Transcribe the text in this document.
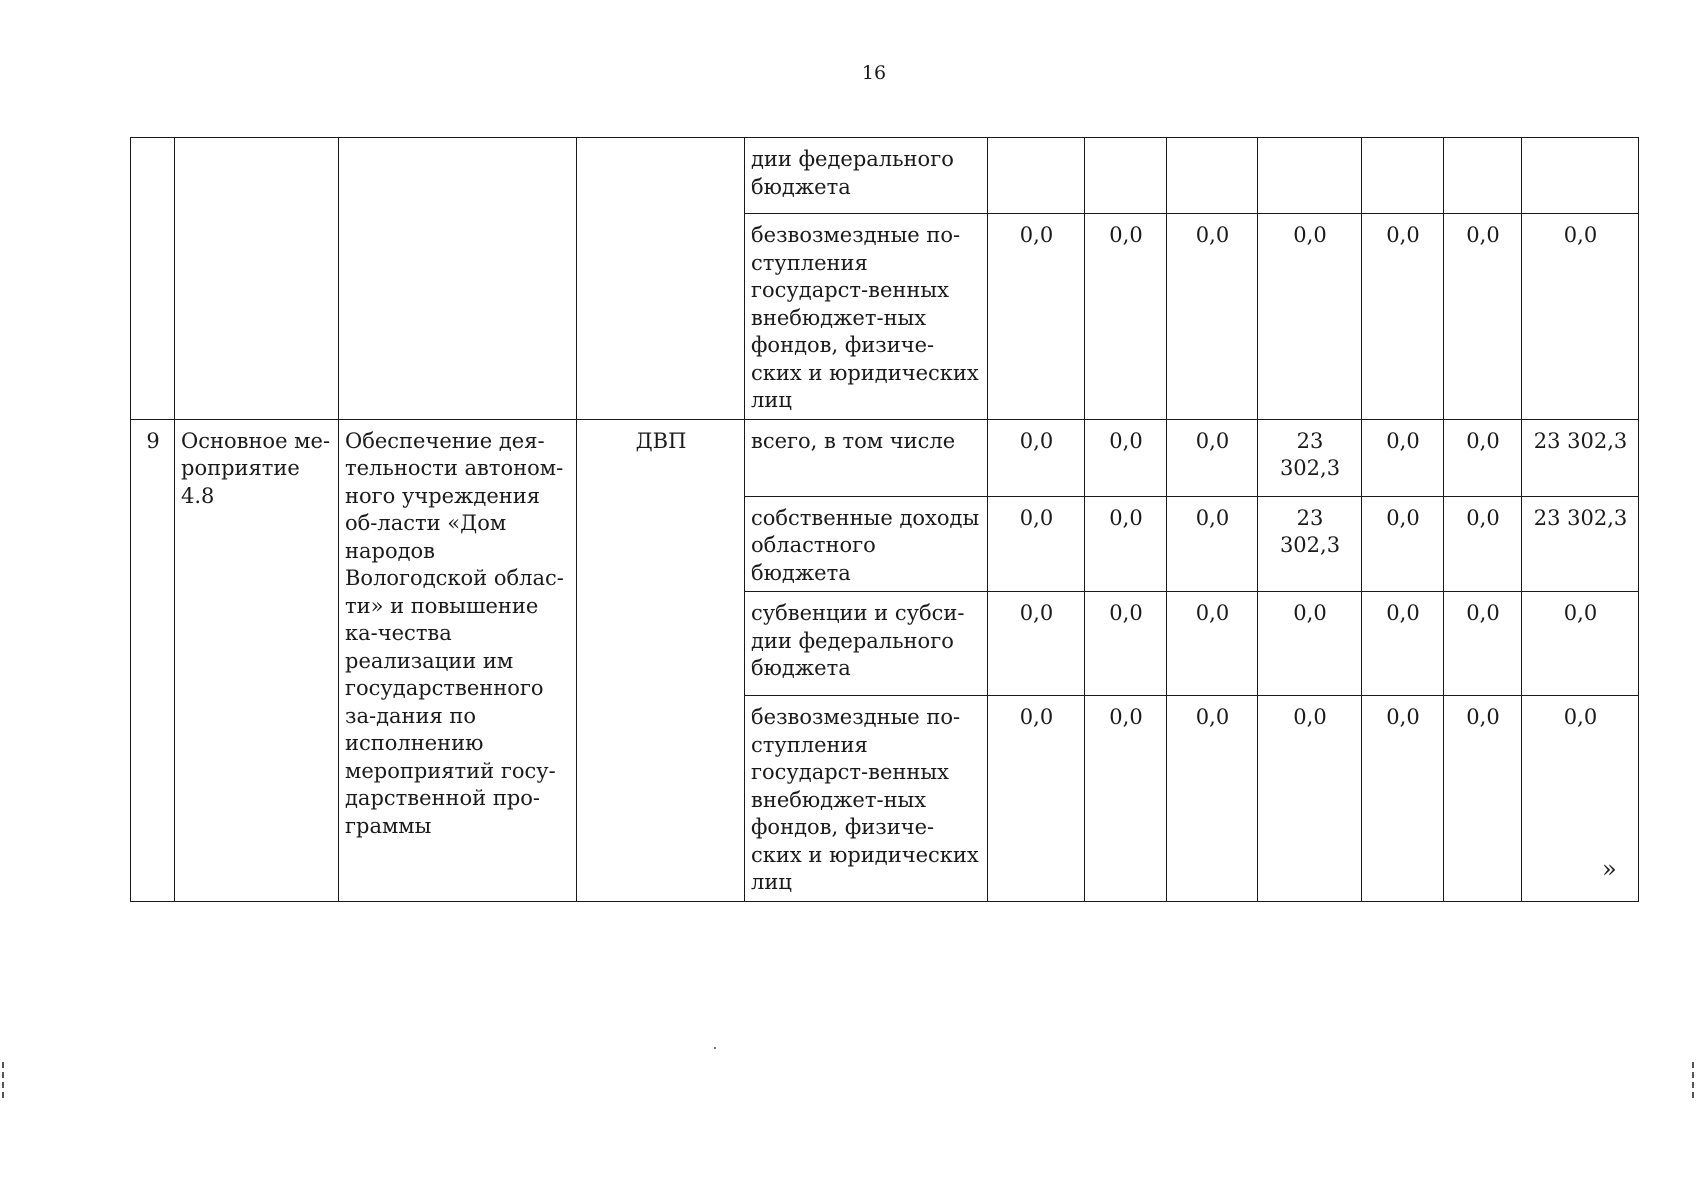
16
				дии федерального бюджета							
				безвозмездные по-ступления государст-венных внебюджет-ных фондов, физиче-ских и юридических лиц	0,0	0,0	0,0	0,0	0,0	0,0	0,0
9	Основное ме-роприятие 4.8	Обеспечение дея-тельности автоном-ного учреждения об-ласти «Дом народов Вологодской облас-ти» и повышение ка-чества реализации им государственного за-дания по исполнению мероприятий госу-дарственной про-граммы	ДВП	всего, в том числе	0,0	0,0	0,0	23 302,3	0,0	0,0	23 302,3
				собственные доходы областного бюджета	0,0	0,0	0,0	23 302,3	0,0	0,0	23 302,3
				субвенции и субси-дии федерального бюджета	0,0	0,0	0,0	0,0	0,0	0,0	0,0
				безвозмездные по-ступления государст-венных внебюджет-ных фондов, физиче-ских и юридических лиц	0,0	0,0	0,0	0,0	0,0	0,0	0,0
»
